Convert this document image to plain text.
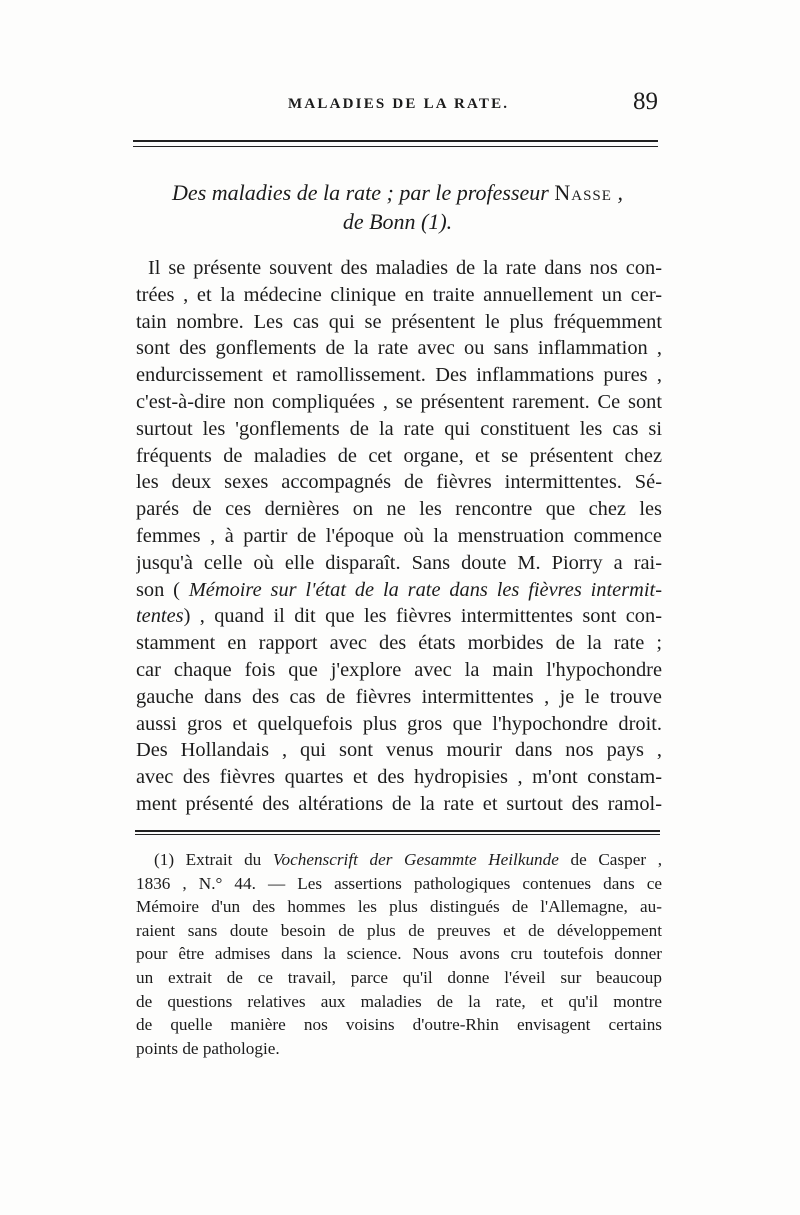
MALADIES DE LA RATE.	89
Des maladies de la rate ; par le professeur Nasse ,
de Bonn (1).
Il se présente souvent des maladies de la rate dans nos con-
trées , et la médecine clinique en traite annuellement un cer-
tain nombre. Les cas qui se présentent le plus fréquemment
sont des gonflements de la rate avec ou sans inflammation ,
endurcissement et ramollissement. Des inflammations pures ,
c'est-à-dire non compliquées , se présentent rarement. Ce sont
surtout les 'gonflements de la rate qui constituent les cas si
fréquents de maladies de cet organe, et se présentent chez
les deux sexes accompagnés de fièvres intermittentes. Sé-
parés de ces dernières on ne les rencontre que chez les
femmes , à partir de l'époque où la menstruation commence
jusqu'à celle où elle disparaît. Sans doute M. Piorry a rai-
son ( Mémoire sur l'état de la rate dans les fièvres intermit-
tentes) , quand il dit que les fièvres intermittentes sont con-
stamment en rapport avec des états morbides de la rate ;
car chaque fois que j'explore avec la main l'hypochondre
gauche dans des cas de fièvres intermittentes , je le trouve
aussi gros et quelquefois plus gros que l'hypochondre droit.
Des Hollandais , qui sont venus mourir dans nos pays ,
avec des fièvres quartes et des hydropisies , m'ont constam-
ment présenté des altérations de la rate et surtout des ramol-
(1) Extrait du Vochenscrift der Gesammte Heilkunde de Casper ,
1836 , N.° 44. — Les assertions pathologiques contenues dans ce
Mémoire d'un des hommes les plus distingués de l'Allemagne, au-
raient sans doute besoin de plus de preuves et de développement
pour être admises dans la science. Nous avons cru toutefois donner
un extrait de ce travail, parce qu'il donne l'éveil sur beaucoup
de questions relatives aux maladies de la rate, et qu'il montre
de quelle manière nos voisins d'outre-Rhin envisagent certains
points de pathologie.
